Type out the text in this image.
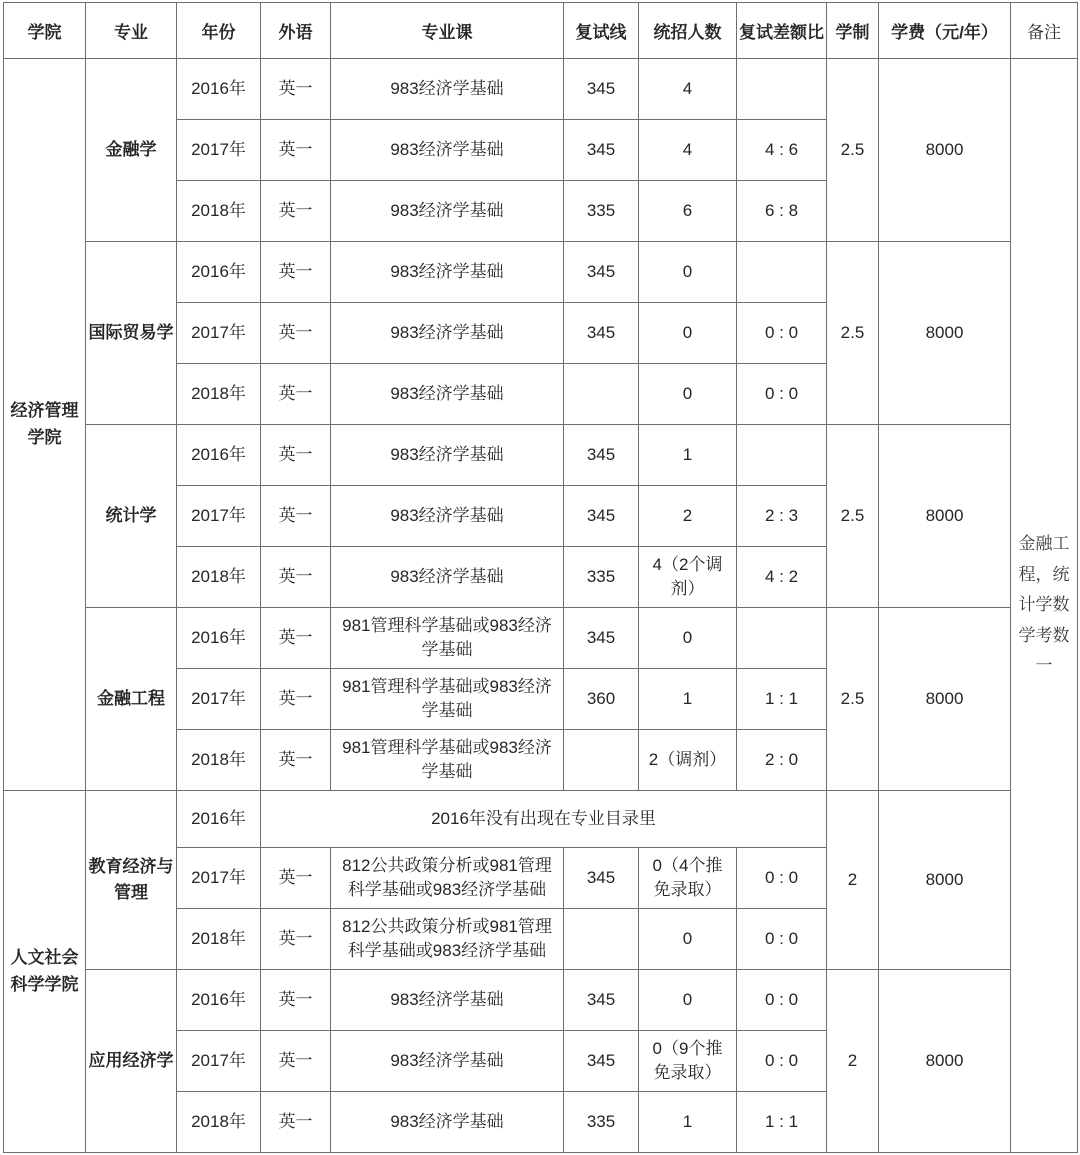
学院	专业	年份	外语	专业课	复试线	统招人数	复试差额比	学制	学费（元/年）	备注
经济管理学院	金融学	2016年	英一	983经济学基础	345	4		2.5	8000	金融工程，统计学数学考数一
		2017年	英一	983经济学基础	345	4	4 : 6			
		2018年	英一	983经济学基础	335	6	6 : 8			
	国际贸易学	2016年	英一	983经济学基础	345	0		2.5	8000	
		2017年	英一	983经济学基础	345	0	0 : 0			
		2018年	英一	983经济学基础		0	0 : 0			
	统计学	2016年	英一	983经济学基础	345	1		2.5	8000	
		2017年	英一	983经济学基础	345	2	2 : 3			
		2018年	英一	983经济学基础	335	4（2个调剂）	4 : 2			
	金融工程	2016年	英一	981管理科学基础或983经济学基础	345	0		2.5	8000	
		2017年	英一	981管理科学基础或983经济学基础	360	1	1 : 1			
		2018年	英一	981管理科学基础或983经济学基础		2（调剂）	2 : 0			
人文社会科学学院	教育经济与管理	2016年	2016年没有出现在专业目录里					2	8000	
		2017年	英一	812公共政策分析或981管理科学基础或983经济学基础	345	0（4个推免录取）	0 : 0			
		2018年	英一	812公共政策分析或981管理科学基础或983经济学基础		0	0 : 0			
	应用经济学	2016年	英一	983经济学基础	345	0	0 : 0	2	8000	
		2017年	英一	983经济学基础	345	0（9个推免录取）	0 : 0			
		2018年	英一	983经济学基础	335	1	1 : 1			
